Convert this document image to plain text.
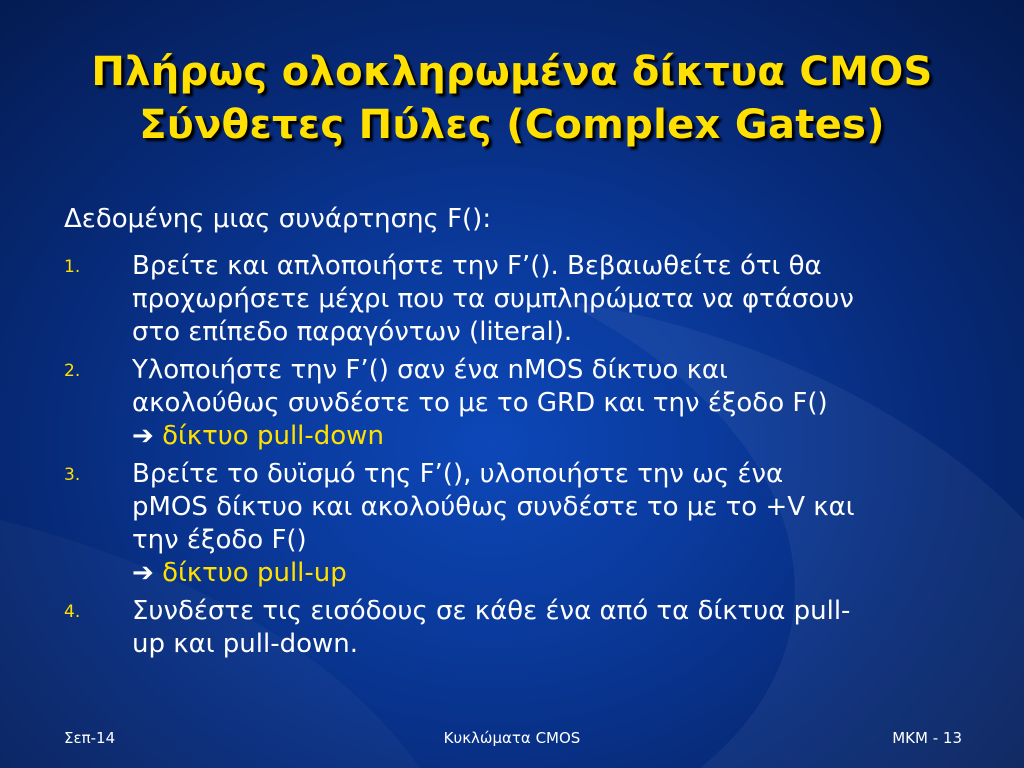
Πλήρως ολοκληρωμένα δίκτυα CMOS
Σύνθετες Πύλες (Complex Gates)
Δεδομένης μιας συνάρτησης F():
1. Βρείτε και απλοποιήστε την F’(). Βεβαιωθείτε ότι θα
προχωρήσετε μέχρι που τα συμπληρώματα να φτάσουν
στο επίπεδο παραγόντων (literal).
2. Υλοποιήστε την F’() σαν ένα nMOS δίκτυο και
ακολούθως συνδέστε το με το GRD και την έξοδο F()
➔ δίκτυο pull-down
3. Βρείτε το δυϊσμό της F’(), υλοποιήστε την ως ένα
pMOS δίκτυο και ακολούθως συνδέστε το με το +V και
την έξοδο F()
➔ δίκτυο pull-up
4. Συνδέστε τις εισόδους σε κάθε ένα από τα δίκτυα pull-
up και pull-down.
Σεπ-14	Κυκλώματα CMOS	MKM - 13
